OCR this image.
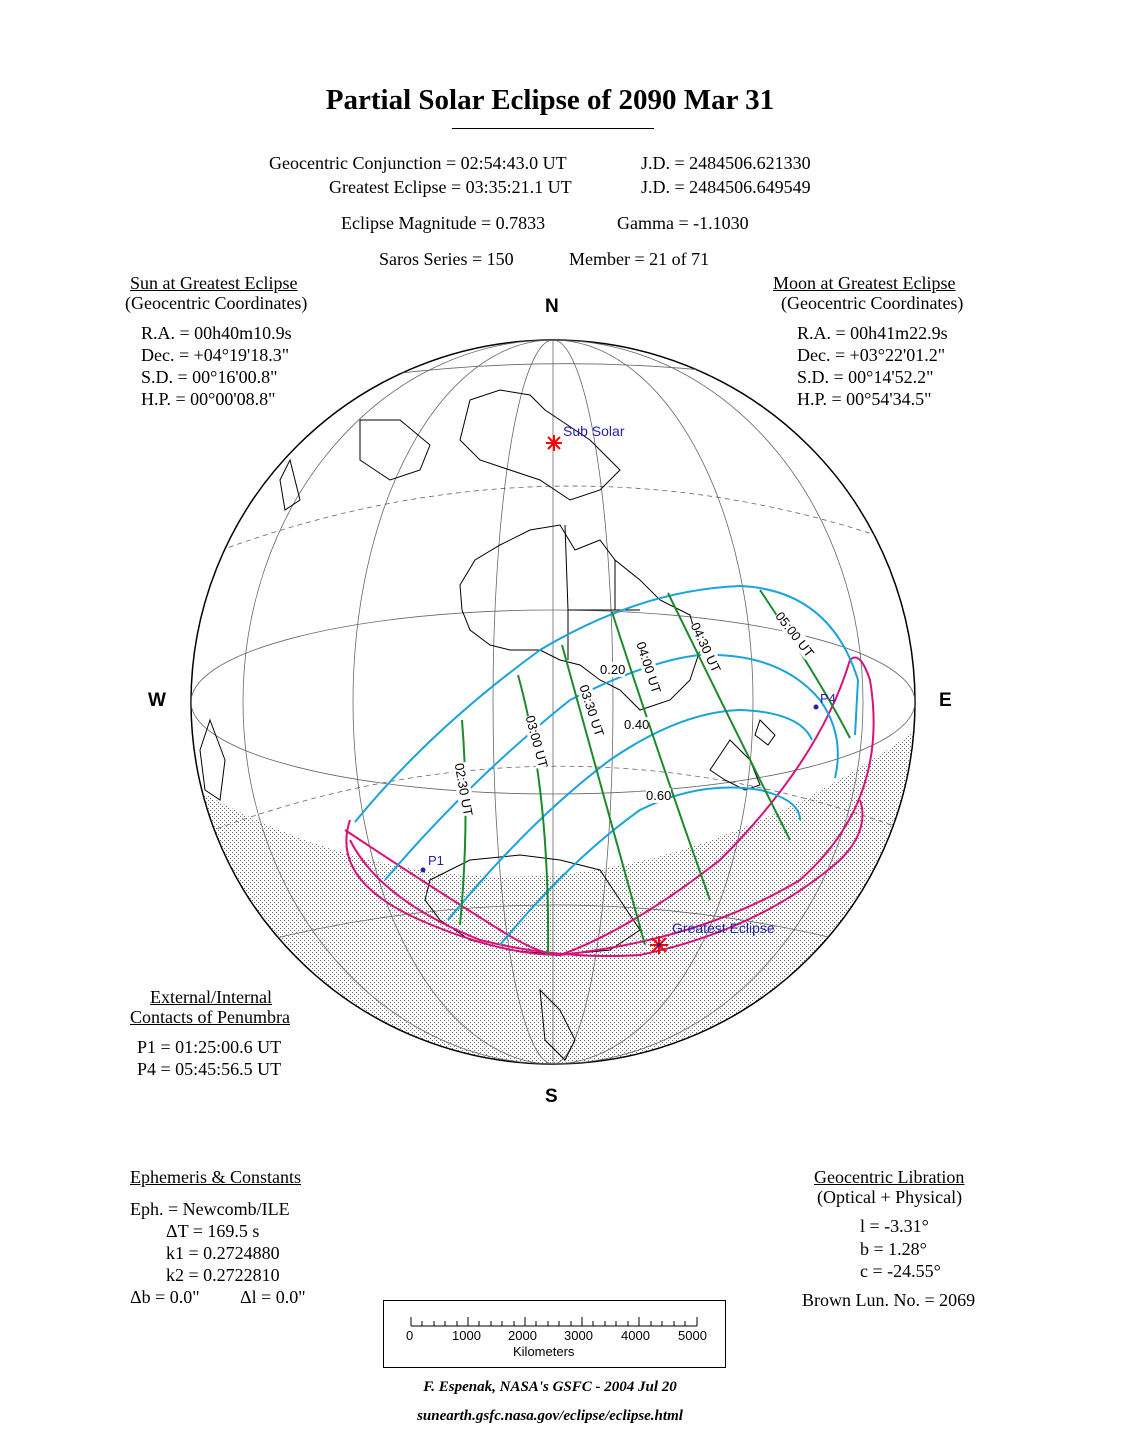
Partial Solar Eclipse of 2090 Mar 31
Geocentric Conjunction = 02:54:43.0 UT	J.D. = 2484506.621330
Greatest Eclipse = 03:35:21.1 UT	J.D. = 2484506.649549
Eclipse Magnitude = 0.7833	Gamma = -1.1030
Saros Series = 150	Member = 21 of 71
Sun at Greatest Eclipse
(Geocentric Coordinates)
R.A. = 00h40m10.9s
Dec. = +04°19'18.3"
S.D. = 00°16'00.8"
H.P. = 00°00'08.8"
Moon at Greatest Eclipse
(Geocentric Coordinates)
R.A. = 00h41m22.9s
Dec. = +03°22'01.2"
S.D. = 00°14'52.2"
H.P. = 00°54'34.5"
External/Internal
Contacts of Penumbra
P1 = 01:25:00.6 UT
P4 = 05:45:56.5 UT
Ephemeris & Constants
Eph. = Newcomb/ILE
ΔT = 169.5 s
k1 = 0.2724880
k2 = 0.2722810
Δb = 0.0" Δl = 0.0"
Geocentric Libration
(Optical + Physical)
l = -3.31°
b = 1.28°
c = -24.55°
Brown Lun. No. = 2069
N
S
W	E
Sub Solar
Greatest Eclipse
P1
P4
0.20
0.40
0.60
02:30 UT
03:00 UT
03:30 UT
04:00 UT 04:30 UT	05:00 UT
0	1000 2000 3000 4000 5000
Kilometers
F. Espenak, NASA's GSFC - 2004 Jul 20
sunearth.gsfc.nasa.gov/eclipse/eclipse.html
